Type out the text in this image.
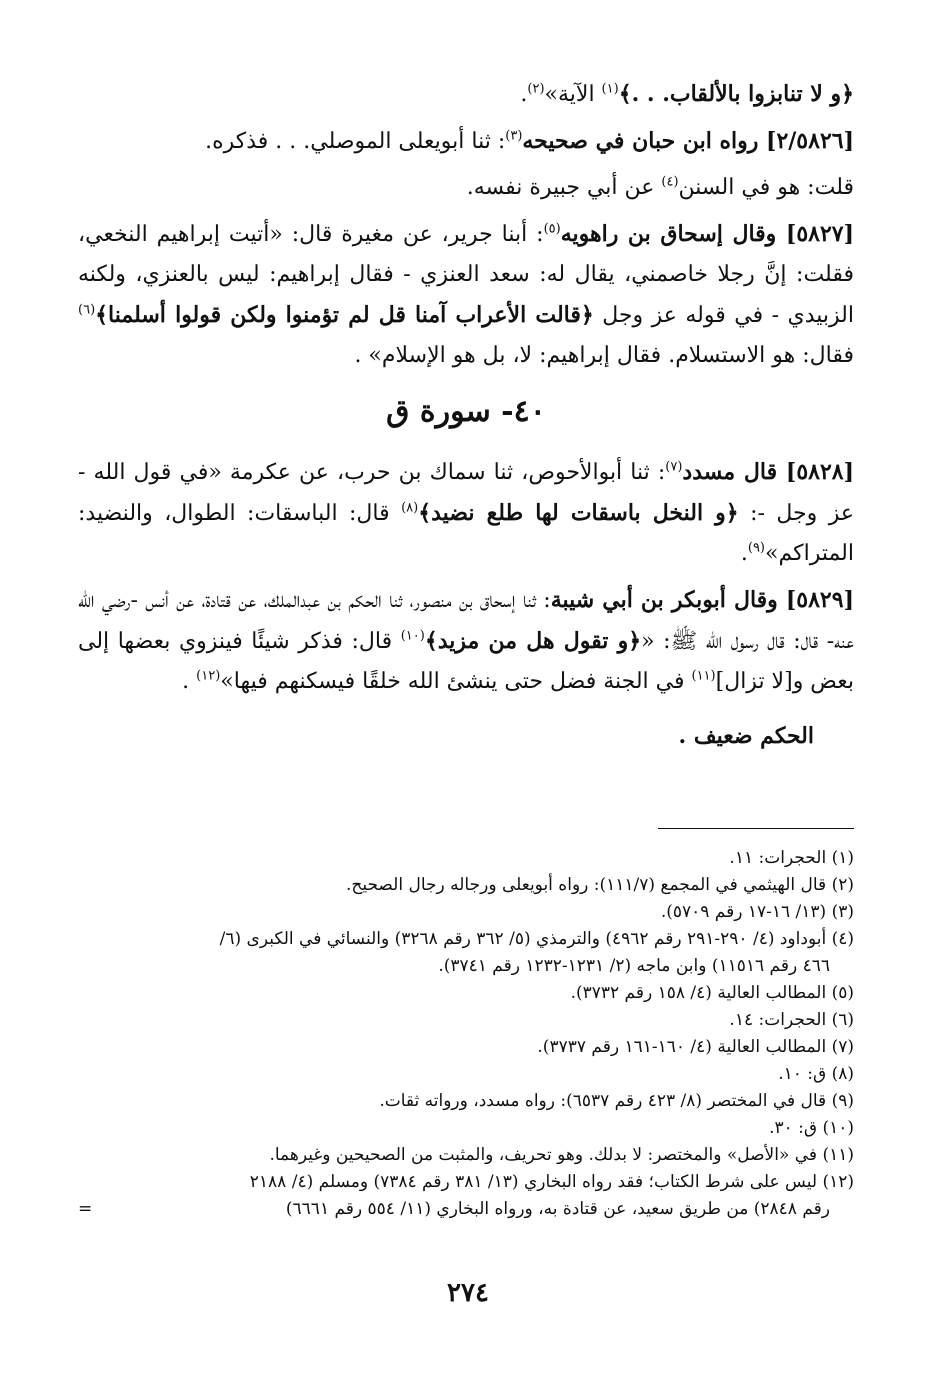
﴿و لا تنابزوا بالألقاب. . .﴾$^{(١)}$ الآية»$^{(٢)}$.

[٢/٥٨٢٦] رواه ابن حبان في صحيحه$^{(٣)}$: ثنا أبويعلى الموصلي. . . فذكره.

قلت: هو في السنن$^{(٤)}$ عن أبي جبيرة نفسه.

[٥٨٢٧] وقال إسحاق بن راهويه$^{(٥)}$: أبنا جرير، عن مغيرة قال: «أتيت إبراهيم النخعي، فقلت: إنَّ رجلا خاصمني، يقال له: سعد العنزي - فقال إبراهيم: ليس بالعنزي، ولكنه الزبيدي - في قوله عز وجل ﴿قالت الأعراب آمنا قل لم تؤمنوا ولكن قولوا أسلمنا﴾$^{(٦)}$ فقال: هو الاستسلام. فقال إبراهيم: لا، بل هو الإسلام» .

٤٠- سورة ق

[٥٨٢٨] قال مسدد$^{(٧)}$: ثنا أبوالأحوص، ثنا سماك بن حرب، عن عكرمة «في قول الله - عز وجل -: ﴿و النخل باسقات لها طلع نضيد﴾$^{(٨)}$ قال: الباسقات: الطوال، والنضيد: المتراكم»$^{(٩)}$.

[٥٨٢٩] وقال أبوبكر بن أبي شيبة: ثنا إسحاق بن منصور، ثنا الحكم بن عبدالملك، عن قتادة، عن أنس -رضي الله عنه- قال: قال رسول الله ﷺ: «﴿و تقول هل من مزيد﴾$^{(١٠)}$ قال: فذكر شيئًا فينزوي بعضها إلى بعض و[لا تزال]$^{(١١)}$ في الجنة فضل حتى ينشئ الله خلقًا فيسكنهم فيها»$^{(١٢)}$ .

الحكم ضعيف .

(١) الحجرات: ١١.

(٢) قال الهيثمي في المجمع (١١١/٧): رواه أبويعلى ورجاله رجال الصحيح.

(٣) (١٣/ ١٦-١٧ رقم ٥٧٠٩).

(٤) أبوداود (٤/ ٢٩٠-٢٩١ رقم ٤٩٦٢) والترمذي (٥/ ٣٦٢ رقم ٣٢٦٨) والنسائي في الكبرى (٦/

٤٦٦ رقم ١١٥١٦) وابن ماجه (٢/ ١٢٣١-١٢٣٢ رقم ٣٧٤١).

(٥) المطالب العالية (٤/ ١٥٨ رقم ٣٧٣٢).

(٦) الحجرات: ١٤.

(٧) المطالب العالية (٤/ ١٦٠-١٦١ رقم ٣٧٣٧).

(٨) ق: ١٠.

(٩) قال في المختصر (٨/ ٤٢٣ رقم ٦٥٣٧): رواه مسدد، ورواته ثقات.

(١٠) ق: ٣٠.

(١١) في «الأصل» والمختصر: لا بدلك. وهو تحريف، والمثبت من الصحيحين وغيرهما.

(١٢) ليس على شرط الكتاب؛ فقد رواه البخاري (١٣/ ٣٨١ رقم ٧٣٨٤) ومسلم (٤/ ٢١٨٨

=	رقم ٢٨٤٨) من طريق سعيد، عن قتادة به، ورواه البخاري (١١/ ٥٥٤ رقم ٦٦٦١)

٢٧٤
